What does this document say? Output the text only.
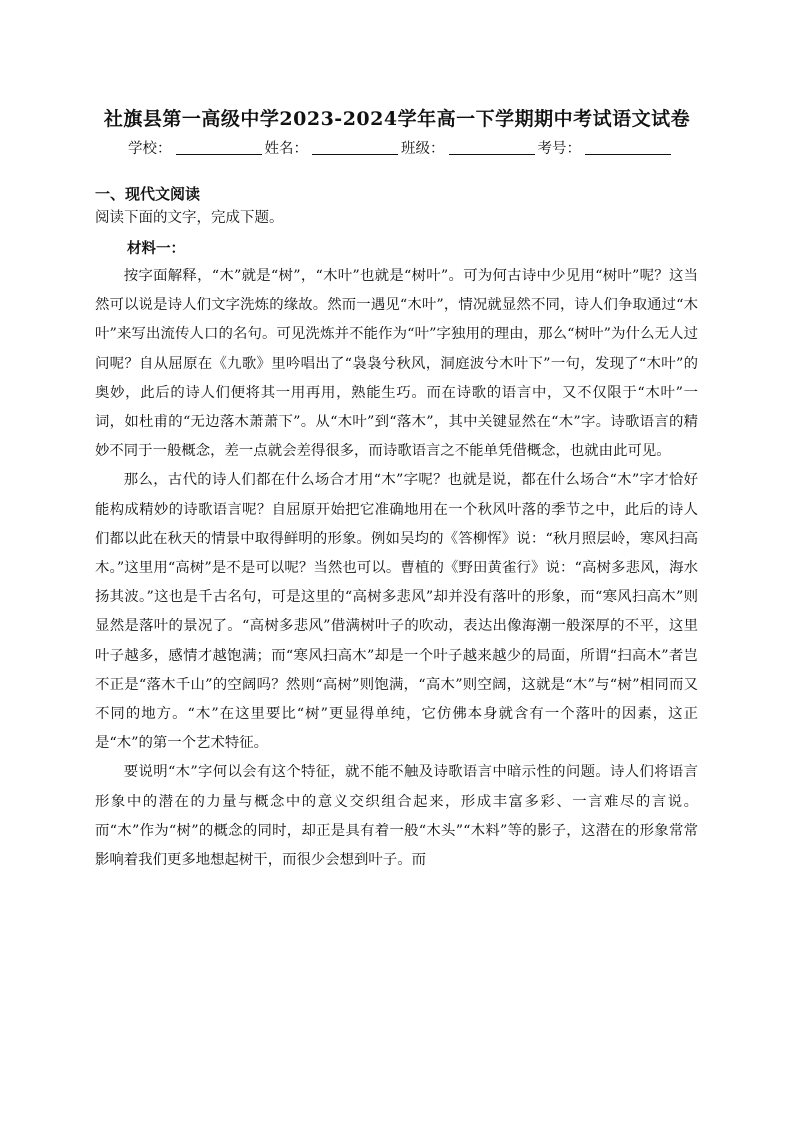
社旗县第一高级中学2023-2024学年高一下学期期中考试语文试卷
学校：	姓名：	班级：	考号：
一、现代文阅读
阅读下面的文字，完成下题。
材料一：

按字面解释，“木”就是“树”，“木叶”也就是“树叶”。可为何古诗中少见用“树叶”呢？这当然可以说是诗人们文字洗炼的缘故。然而一遇见“木叶”，情况就显然不同，诗人们争取通过“木叶”来写出流传人口的名句。可见洗炼并不能作为“叶”字独用的理由，那么“树叶”为什么无人过问呢？自从屈原在《九歌》里吟唱出了“袅袅兮秋风，洞庭波兮木叶下”一句，发现了“木叶”的奥妙，此后的诗人们便将其一用再用，熟能生巧。而在诗歌的语言中，又不仅限于“木叶”一词，如杜甫的“无边落木萧萧下”。从“木叶”到“落木”，其中关键显然在“木”字。诗歌语言的精妙不同于一般概念，差一点就会差得很多，而诗歌语言之不能单凭借概念，也就由此可见。

那么，古代的诗人们都在什么场合才用“木”字呢？也就是说，都在什么场合“木”字才恰好能构成精妙的诗歌语言呢？自屈原开始把它准确地用在一个秋风叶落的季节之中，此后的诗人们都以此在秋天的情景中取得鲜明的形象。例如吴均的《答柳恽》说：“秋月照层岭，寒风扫高木。”这里用“高树”是不是可以呢？当然也可以。曹植的《野田黄雀行》说：“高树多悲风，海水扬其波。”这也是千古名句，可是这里的“高树多悲风”却并没有落叶的形象，而“寒风扫高木”则显然是落叶的景况了。“高树多悲风”借满树叶子的吹动，表达出像海潮一般深厚的不平，这里叶子越多，感情才越饱满；而“寒风扫高木”却是一个叶子越来越少的局面，所谓“扫高木”者岂不正是“落木千山”的空阔吗？然则“高树”则饱满，“高木”则空阔，这就是“木”与“树”相同而又不同的地方。“木”在这里要比“树”更显得单纯，它仿佛本身就含有一个落叶的因素，这正是“木”的第一个艺术特征。

要说明“木”字何以会有这个特征，就不能不触及诗歌语言中暗示性的问题。诗人们将语言形象中的潜在的力量与概念中的意义交织组合起来，形成丰富多彩、一言难尽的言说。而“木”作为“树”的概念的同时，却正是具有着一般“木头”“木料”等的影子，这潜在的形象常常影响着我们更多地想起树干，而很少会想到叶子。而
